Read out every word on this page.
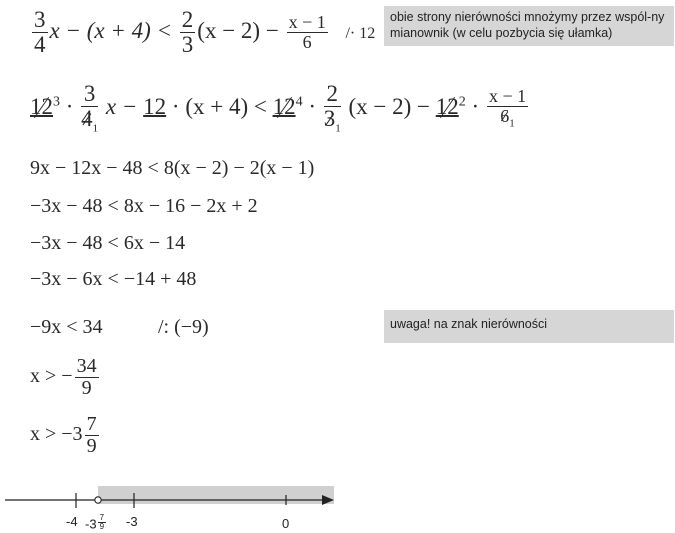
$\frac{3}{4}$ $x - (x + 4) < \frac{2}{3} (x - 2) - \frac{x - 1}{6} /\cdot 12$
obie strony nierówności mnożymy przez wspól-ny mianownik (w celu pozbycia się ułamka)
$12^3 \cdot \frac{3}{4_1}$ $x - 12 \cdot (x + 4) < 12^4 \cdot \frac{2}{3_1} (x - 2) - 12^2 \cdot \frac{x - 1}{6_1}$
9x − 12x − 48 < 8(x − 2) − 2(x − 1)
−3x − 48 < 8x − 16 − 2x + 2
−3x − 48 < 6x − 14
−3x − 6x < −14 + 48
−9x < 34	/: (−9)	uwaga! na znak nierówności
x > − $\frac{34}{9}$
$x > -3 \frac{7}{9}$
-4 $-3 \frac{7}{9} -3$	0
